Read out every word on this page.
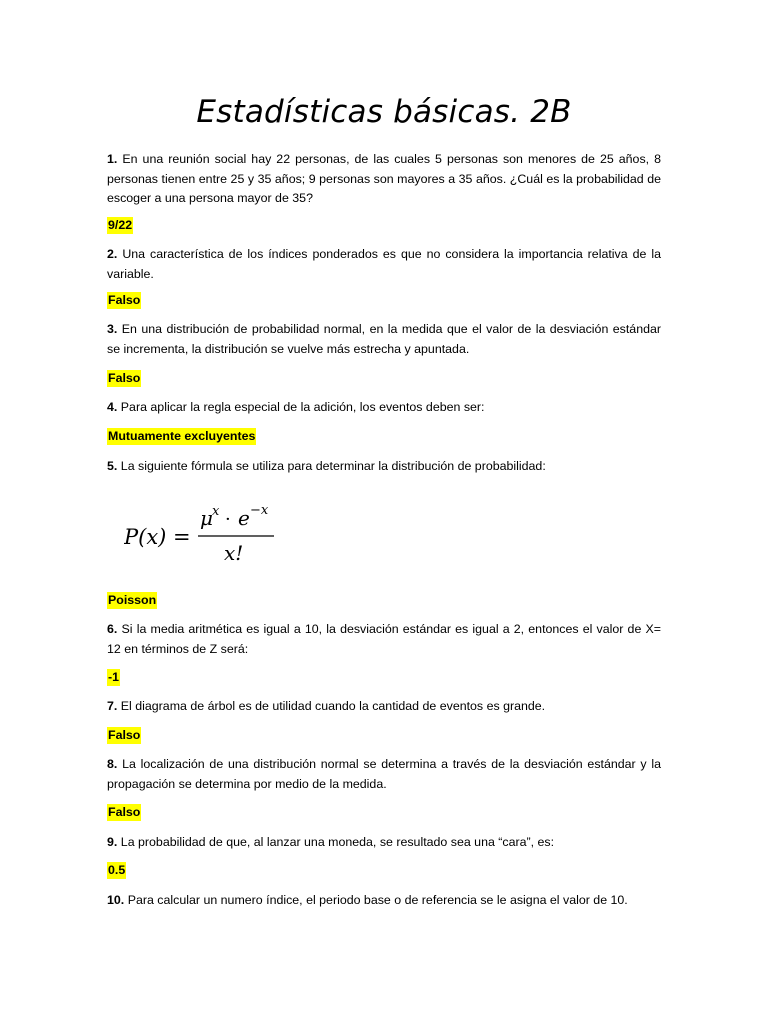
Estadísticas básicas. 2B

1. En una reunión social hay 22 personas, de las cuales 5 personas son menores de 25 años, 8 personas tienen entre 25 y 35 años; 9 personas son mayores a 35 años. ¿Cuál es la probabilidad de escoger a una persona mayor de 35?

9/22

2. Una característica de los índices ponderados es que no considera la importancia relativa de la variable.

Falso

3. En una distribución de probabilidad normal, en la medida que el valor de la desviación estándar se incrementa, la distribución se vuelve más estrecha y apuntada.

Falso

4. Para aplicar la regla especial de la adición, los eventos deben ser:

Mutuamente excluyentes

5. La siguiente fórmula se utiliza para determinar la distribución de probabilidad:

P(x) =
μ x · e −x
x!

Poisson

6. Si la media aritmética es igual a 10, la desviación estándar es igual a 2, entonces el valor de X= 12 en términos de Z será:

-1

7. El diagrama de árbol es de utilidad cuando la cantidad de eventos es grande.

Falso

8. La localización de una distribución normal se determina a través de la desviación estándar y la propagación se determina por medio de la medida.

Falso

9. La probabilidad de que, al lanzar una moneda, se resultado sea una “cara”, es:

0.5

10. Para calcular un numero índice, el periodo base o de referencia se le asigna el valor de 10.
